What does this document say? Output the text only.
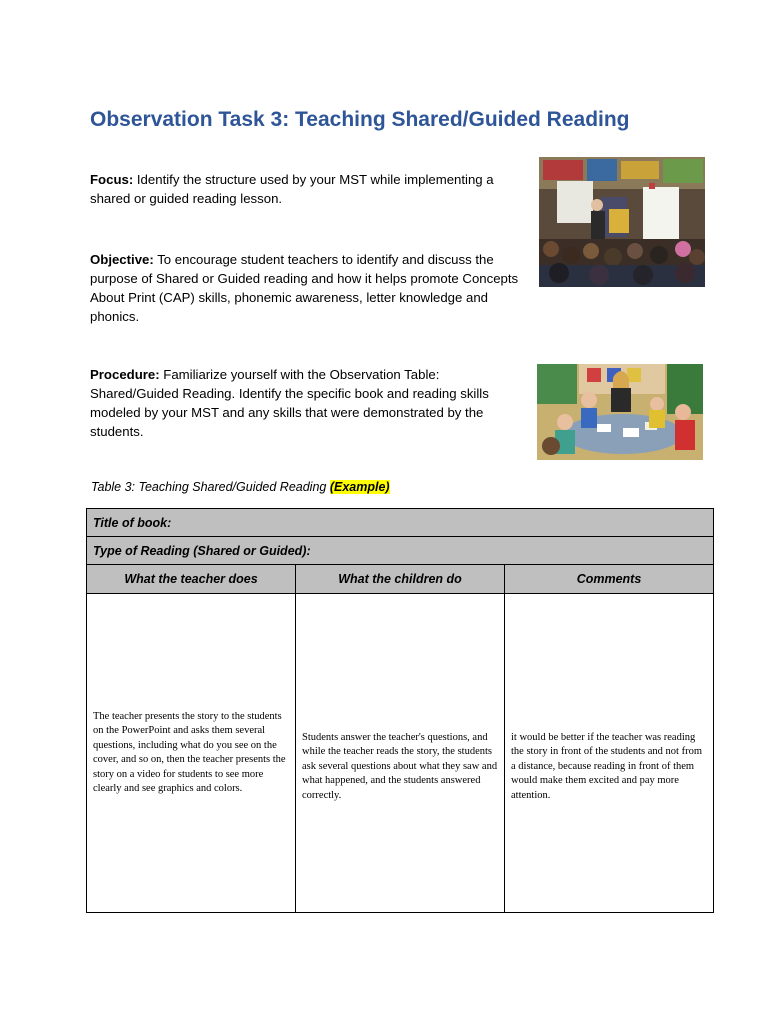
Observation Task 3: Teaching Shared/Guided Reading

Focus: Identify the structure used by your MST while implementing a shared or guided reading lesson.

Objective: To encourage student teachers to identify and discuss the purpose of Shared or Guided reading and how it helps promote Concepts About Print (CAP) skills, phonemic awareness, letter knowledge and phonics.

Procedure: Familiarize yourself with the Observation Table: Shared/Guided Reading. Identify the specific book and reading skills modeled by your MST and any skills that were demonstrated by the students.

Table 3: Teaching Shared/Guided Reading (Example)
Title of book:		
Type of Reading (Shared or Guided):		
What the teacher does	What the children do	Comments
The teacher presents the story to the students on the PowerPoint and asks them several questions, including what do you see on the cover, and so on, then the teacher presents the story on a video for students to see more clearly and see graphics and colors.	Students answer the teacher's questions, and while the teacher reads the story, the students ask several questions about what they saw and what happened, and the students answered correctly.	it would be better if the teacher was reading the story in front of the students and not from a distance, because reading in front of them would make them excited and pay more attention.
